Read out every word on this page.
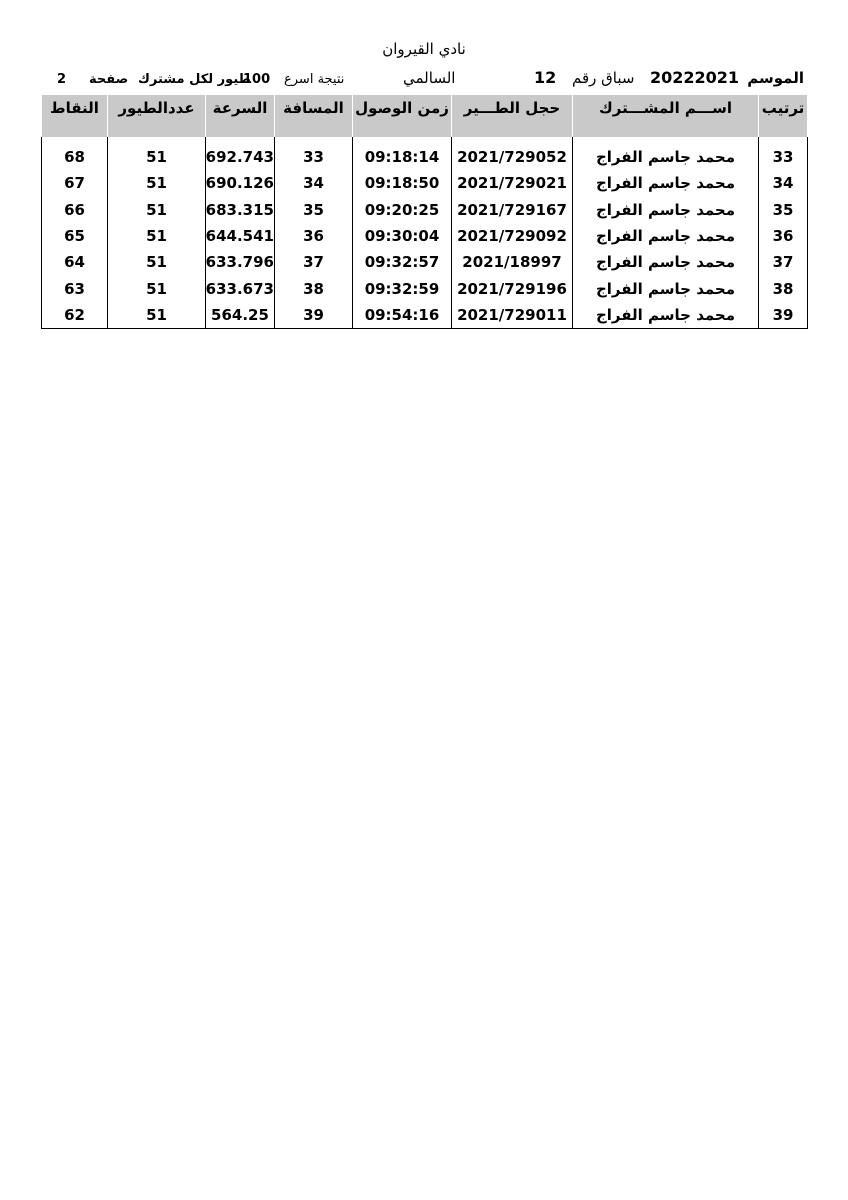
نادي القيروان
الموسم
20222021
سباق رقم
12
السالمي
نتيجة اسرع
100
طيور لكل مشترك
صفحة
2
ترتيب	اســـم المشـــترك	حجل الطـــير	زمن الوصول	المسافة	السرعة	عددالطيور	النقاط

33	محمد جاسم الفراج	2021/729052	09:18:14	33	692.743	51	68
34	محمد جاسم الفراج	2021/729021	09:18:50	34	690.126	51	67
35	محمد جاسم الفراج	2021/729167	09:20:25	35	683.315	51	66
36	محمد جاسم الفراج	2021/729092	09:30:04	36	644.541	51	65
37	محمد جاسم الفراج	2021/18997	09:32:57	37	633.796	51	64
38	محمد جاسم الفراج	2021/729196	09:32:59	38	633.673	51	63
39	محمد جاسم الفراج	2021/729011	09:54:16	39	564.25	51	62
